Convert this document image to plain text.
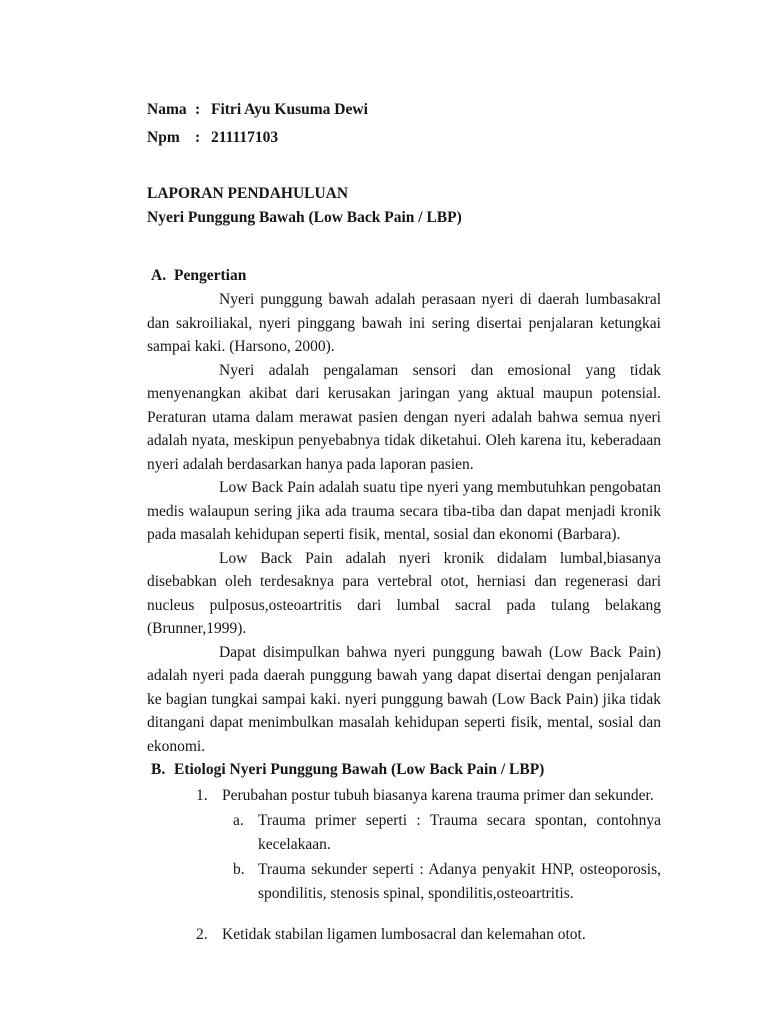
Nama : Fitri Ayu Kusuma Dewi
Npm : 211117103
LAPORAN PENDAHULUAN
Nyeri Punggung Bawah (Low Back Pain / LBP)
A. Pengertian

Nyeri punggung bawah adalah perasaan nyeri di daerah lumbasakral dan sakroiliakal, nyeri pinggang bawah ini sering disertai penjalaran ketungkai sampai kaki. (Harsono, 2000).

Nyeri adalah pengalaman sensori dan emosional yang tidak menyenangkan akibat dari kerusakan jaringan yang aktual maupun potensial. Peraturan utama dalam merawat pasien dengan nyeri adalah bahwa semua nyeri adalah nyata, meskipun penyebabnya tidak diketahui. Oleh karena itu, keberadaan nyeri adalah berdasarkan hanya pada laporan pasien.

Low Back Pain adalah suatu tipe nyeri yang membutuhkan pengobatan medis walaupun sering jika ada trauma secara tiba-tiba dan dapat menjadi kronik pada masalah kehidupan seperti fisik, mental, sosial dan ekonomi (Barbara).

Low Back Pain adalah nyeri kronik didalam lumbal,biasanya disebabkan oleh terdesaknya para vertebral otot, herniasi dan regenerasi dari nucleus pulposus,osteoartritis dari lumbal sacral pada tulang belakang (Brunner,1999).

Dapat disimpulkan bahwa nyeri punggung bawah (Low Back Pain) adalah nyeri pada daerah punggung bawah yang dapat disertai dengan penjalaran ke bagian tungkai sampai kaki. nyeri punggung bawah (Low Back Pain) jika tidak ditangani dapat menimbulkan masalah kehidupan seperti fisik, mental, sosial dan ekonomi.

B. Etiologi Nyeri Punggung Bawah (Low Back Pain / LBP)
1. Perubahan postur tubuh biasanya karena trauma primer dan sekunder.
a. Trauma primer seperti : Trauma secara spontan, contohnya kecelakaan.
b. Trauma sekunder seperti : Adanya penyakit HNP, osteoporosis, spondilitis, stenosis spinal, spondilitis,osteoartritis.
2. Ketidak stabilan ligamen lumbosacral dan kelemahan otot.
